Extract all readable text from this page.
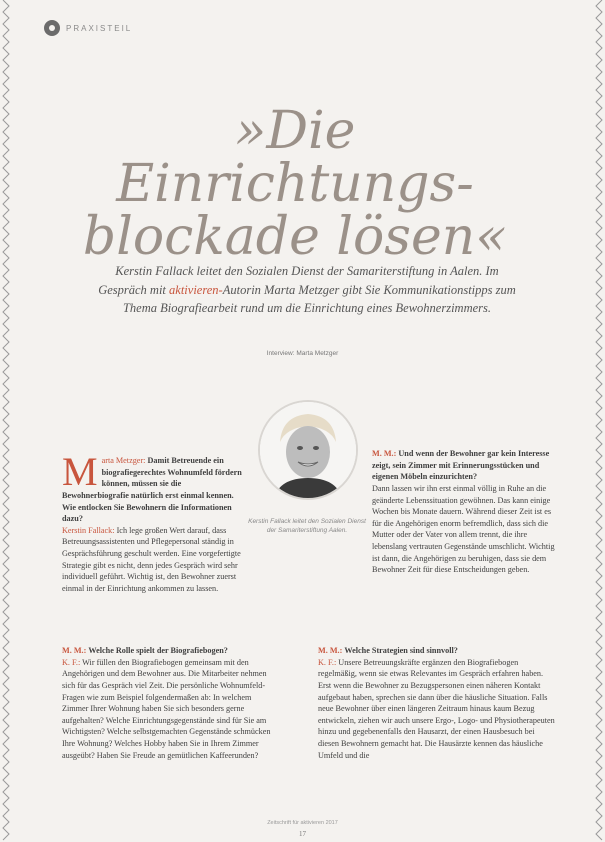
PRAXISTEIL
»Die Einrichtungs-
blockade lösen«
Kerstin Fallack leitet den Sozialen Dienst der Samariterstiftung in Aalen. Im Gespräch mit aktivieren-Autorin Marta Metzger gibt Sie Kommunikationstipps zum Thema Biografiearbeit rund um die Einrichtung eines Bewohnerzimmers.
Interview: Marta Metzger
Kerstin Fallack leitet den Sozialen Dienst der Samariterstiftung Aalen.

Marta Metzger: Damit Betreuende ein biografiegerechtes Wohnumfeld fördern können, müssen sie die Bewohnerbiografie natürlich erst einmal kennen. Wie entlocken Sie Bewohnern die Informationen dazu?

Kerstin Fallack: Ich lege großen Wert darauf, dass Betreuungsassistenten und Pflegepersonal ständig in Gesprächsführung geschult werden. Eine vorgefertigte Strategie gibt es nicht, denn jedes Gespräch wird sehr individuell geführt. Wichtig ist, den Bewohner zuerst einmal in der Einrichtung ankommen zu lassen.

M. M.: Welche Rolle spielt der Biografiebogen?

K. F.: Wir füllen den Biografiebogen gemeinsam mit den Angehörigen und dem Bewohner aus. Die Mitarbeiter nehmen sich für das Gespräch viel Zeit. Die persönliche Wohnumfeld-Fragen wie zum Beispiel folgendermaßen ab: In welchem Zimmer Ihrer Wohnung haben Sie sich besonders gerne aufgehalten? Welche Einrichtungsgegenstände sind für Sie am Wichtigsten? Welche selbstgemachten Gegenstände schmücken Ihre Wohnung? Welches Hobby haben Sie in Ihrem Zimmer ausgeübt? Haben Sie Freude an gemütlichen Kaffeerunden?

M. M.: Und wenn der Bewohner gar kein Interesse zeigt, sein Zimmer mit Erinnerungsstücken und eigenen Möbeln einzurichten?

Dann lassen wir ihn erst einmal völlig in Ruhe an die geänderte Lebenssituation gewöhnen. Das kann einige Wochen bis Monate dauern. Während dieser Zeit ist es für die Angehörigen enorm befremdlich, dass sich die Mutter oder der Vater von allem trennt, die ihre lebenslang vertrauten Gegenstände umschlicht. Wichtig ist dann, die Angehörigen zu beruhigen, dass sie dem Bewohner Zeit für diese Entscheidungen geben.

M. M.: Welche Strategien sind sinnvoll?

K. F.: Unsere Betreuungskräfte ergänzen den Biografiebogen regelmäßig, wenn sie etwas Relevantes im Gespräch erfahren haben. Erst wenn die Bewohner zu Bezugspersonen einen näheren Kontakt aufgebaut haben, sprechen sie dann über die häusliche Situation. Falls neue Bewohner über einen längeren Zeitraum hinaus kaum Bezug entwickeln, ziehen wir auch unsere Ergo-, Logo- und Physiotherapeuten hinzu und gegebenenfalls den Hausarzt, der einen Hausbesuch bei diesen Bewohnern gemacht hat. Die Hausärzte kennen das häusliche Umfeld und die

Zeitschrift für aktivieren 2017
17
